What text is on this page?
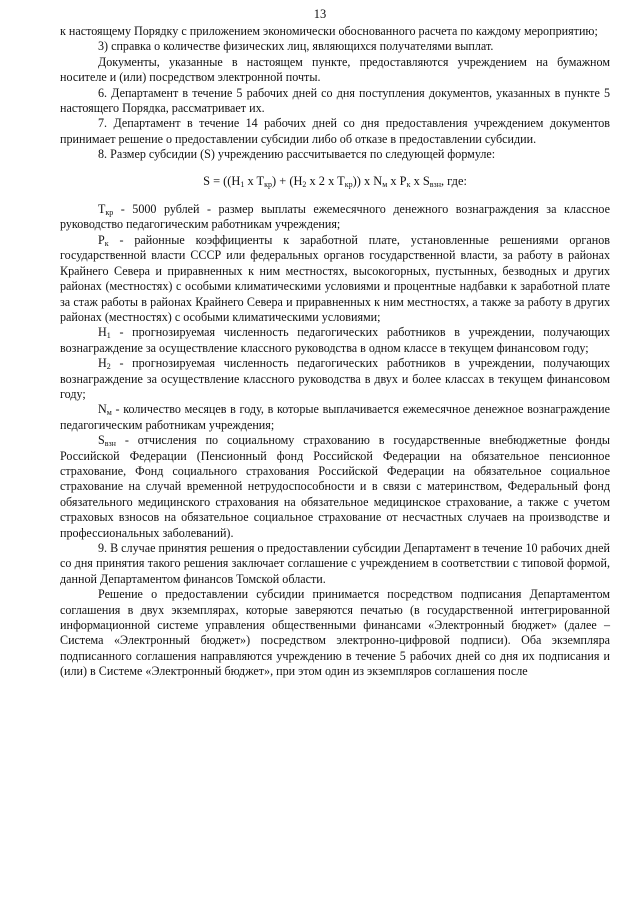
13

к настоящему Порядку с приложением экономически обоснованного расчета по каждому мероприятию;

3) справка о количестве физических лиц, являющихся получателями выплат.

Документы, указанные в настоящем пункте, предоставляются учреждением на бумажном носителе и (или) посредством электронной почты.

6. Департамент в течение 5 рабочих дней со дня поступления документов, указанных в пункте 5 настоящего Порядка, рассматривает их.

7. Департамент в течение 14 рабочих дней со дня предоставления учреждением документов принимает решение о предоставлении субсидии либо об отказе в предоставлении субсидии.

8. Размер субсидии (S) учреждению рассчитывается по следующей формуле:

$S = ((H_1$ x $T_{кр}) + (H_2$ x 2 x $T_{кр}$)) x $N_м$ x $P_к$ x $S_{взн}$, где:

$T_{кр} - 5000$ рублей - размер выплаты ежемесячного денежного вознаграждения за классное руководство педагогическим работникам учреждения;

$P_к$ - районные коэффициенты к заработной плате, установленные решениями органов государственной власти СССР или федеральных органов государственной власти, за работу в районах Крайнего Севера и приравненных к ним местностях, высокогорных, пустынных, безводных и других районах (местностях) с особыми климатическими условиями и процентные надбавки к заработной плате за стаж работы в районах Крайнего Севера и приравненных к ним местностях, а также за работу в других районах (местностях) с особыми климатическими условиями;

$H_1$ - прогнозируемая численность педагогических работников в учреждении, получающих вознаграждение за осуществление классного руководства в одном классе в текущем финансовом году;

$H_2$ - прогнозируемая численность педагогических работников в учреждении, получающих вознаграждение за осуществление классного руководства в двух и более классах в текущем финансовом году;

$N_м$ - количество месяцев в году, в которые выплачивается ежемесячное денежное вознаграждение педагогическим работникам учреждения;

$S_{взн}$ - отчисления по социальному страхованию в государственные внебюджетные фонды Российской Федерации (Пенсионный фонд Российской Федерации на обязательное пенсионное страхование, Фонд социального страхования Российской Федерации на обязательное социальное страхование на случай временной нетрудоспособности и в связи с материнством, Федеральный фонд обязательного медицинского страхования на обязательное медицинское страхование, а также с учетом страховых взносов на обязательное социальное страхование от несчастных случаев на производстве и профессиональных заболеваний).

9. В случае принятия решения о предоставлении субсидии Департамент в течение 10 рабочих дней со дня принятия такого решения заключает соглашение с учреждением в соответствии с типовой формой, данной Департаментом финансов Томской области.

Решение о предоставлении субсидии принимается посредством подписания Департаментом соглашения в двух экземплярах, которые заверяются печатью (в государственной интегрированной информационной системе управления общественными финансами «Электронный бюджет» (далее – Система «Электронный бюджет») посредством электронно-цифровой подписи). Оба экземпляра подписанного соглашения направляются учреждению в течение 5 рабочих дней со дня их подписания и (или) в Системе «Электронный бюджет», при этом один из экземпляров соглашения после
